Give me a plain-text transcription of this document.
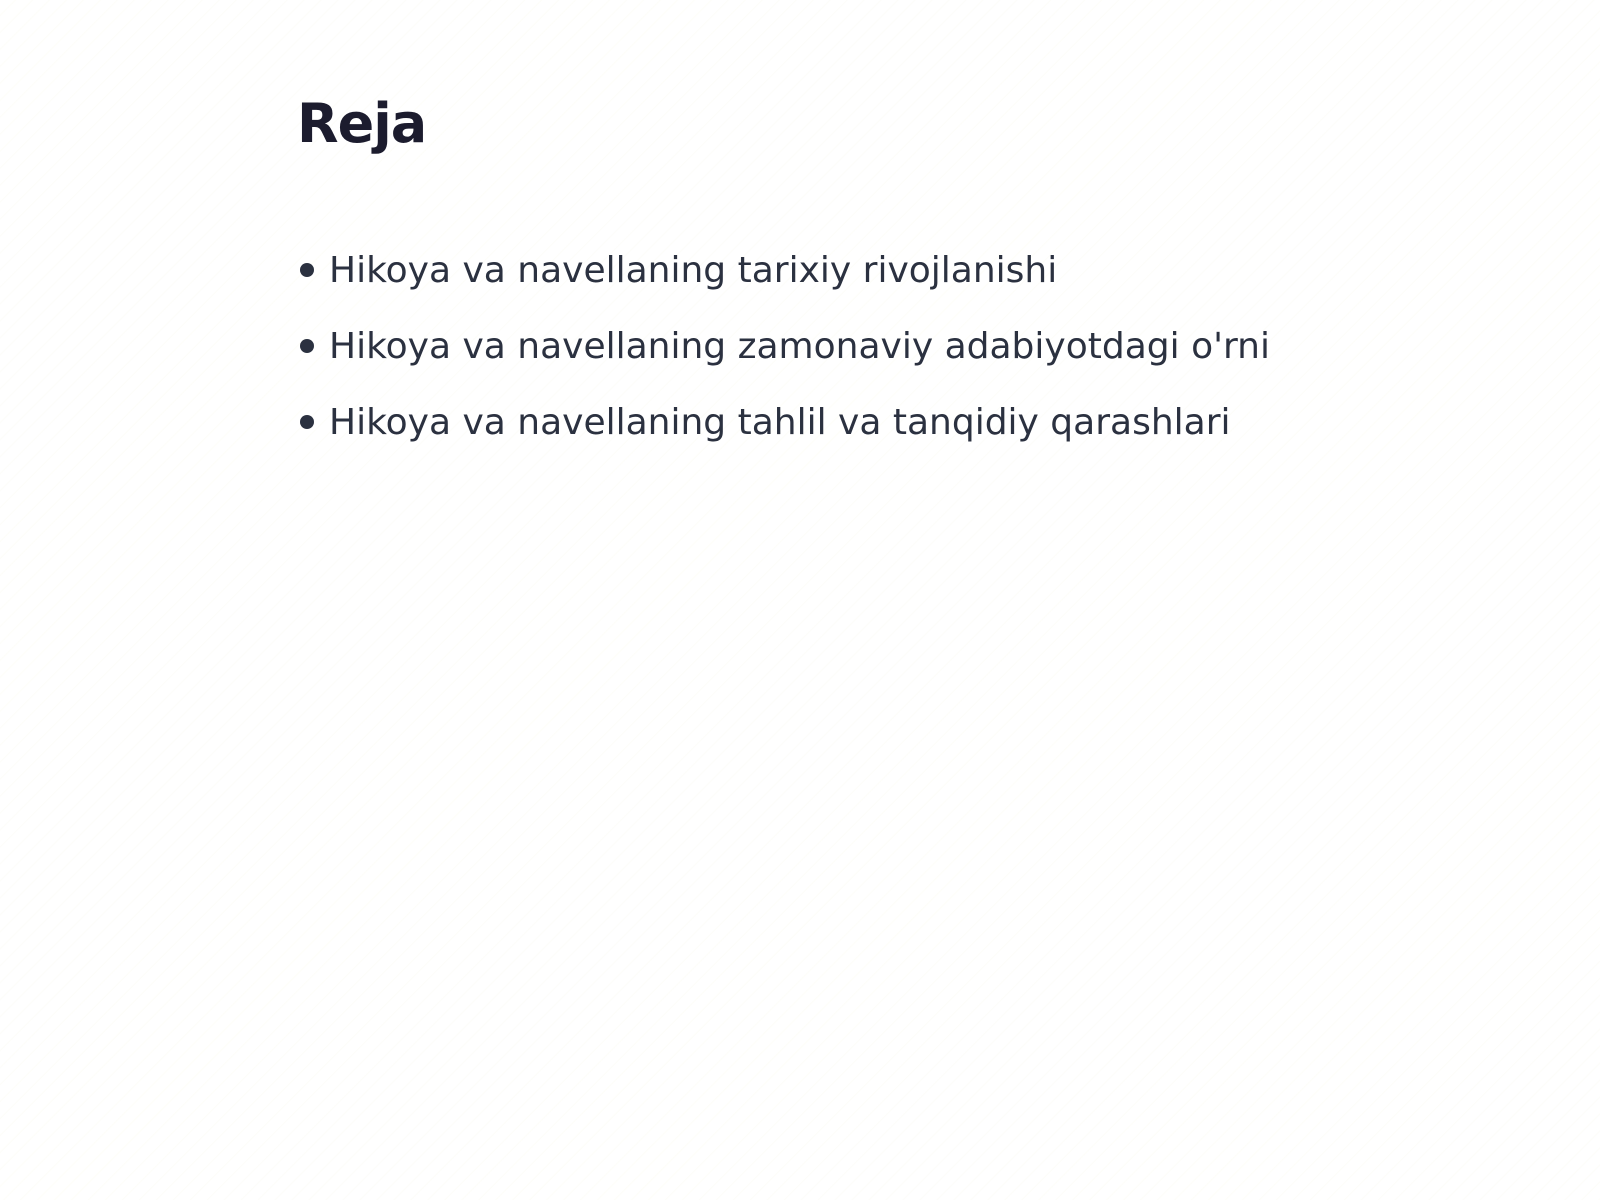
Reja
Hikoya va navellaning tarixiy rivojlanishi
Hikoya va navellaning zamonaviy adabiyotdagi o'rni
Hikoya va navellaning tahlil va tanqidiy qarashlari
